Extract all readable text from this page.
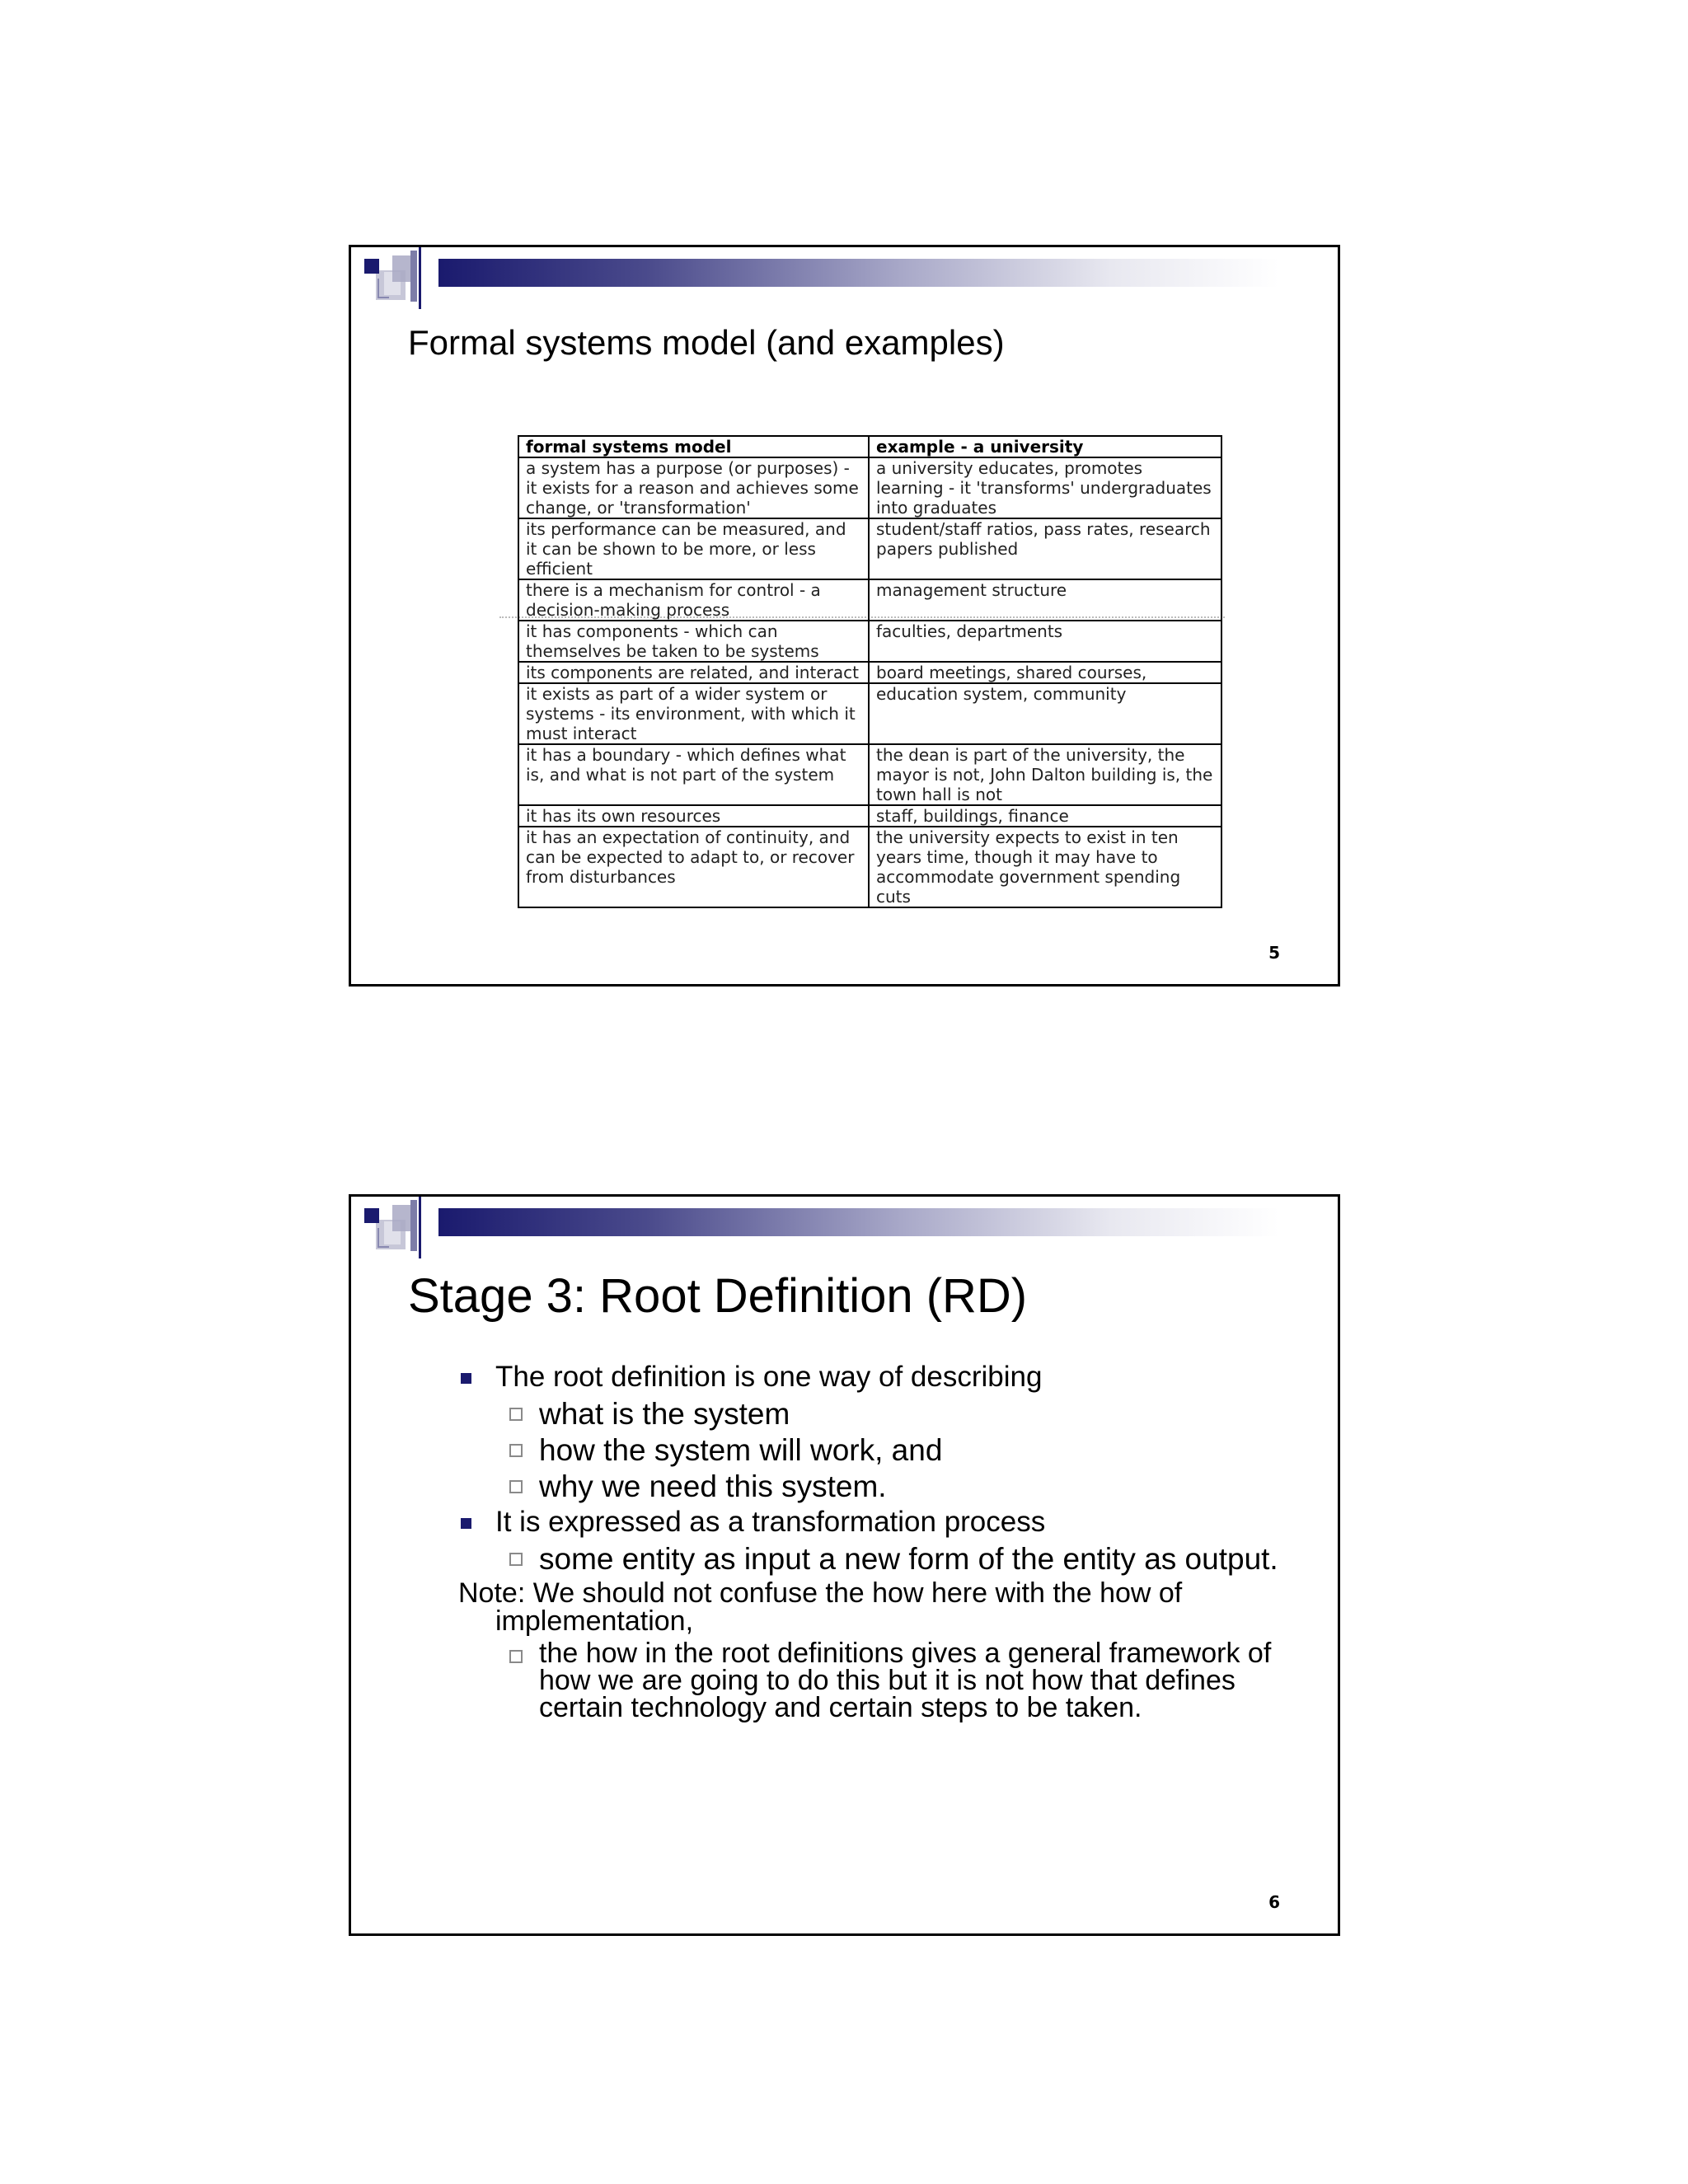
Formal systems model (and examples)
formal systems model	example - a university
a system has a purpose (or purposes) - it exists for a reason and achieves some change, or 'transformation'	a university educates, promotes learning - it 'transforms' undergraduates into graduates
its performance can be measured, and it can be shown to be more, or less efficient	student/staff ratios, pass rates, research papers published
there is a mechanism for control - a decision-making process	management structure
it has components - which can themselves be taken to be systems	faculties, departments
its components are related, and interact	board meetings, shared courses,
it exists as part of a wider system or systems - its environment, with which it must interact	education system, community
it has a boundary - which defines what is, and what is not part of the system	the dean is part of the university, the mayor is not, John Dalton building is, the town hall is not
it has its own resources	staff, buildings, finance
it has an expectation of continuity, and can be expected to adapt to, or recover from disturbances	the university expects to exist in ten years time, though it may have to accommodate government spending cuts
5
Stage 3: Root Definition (RD)

The root definition is one way of describing

what is the system

how the system will work, and

why we need this system.

It is expressed as a transformation process

some entity as input a new form of the entity as output.

Note: We should not confuse the how here with the how of
implementation,

the how in the root definitions gives a general framework of how we are going to do this but it is not how that defines certain technology and certain steps to be taken.

6
